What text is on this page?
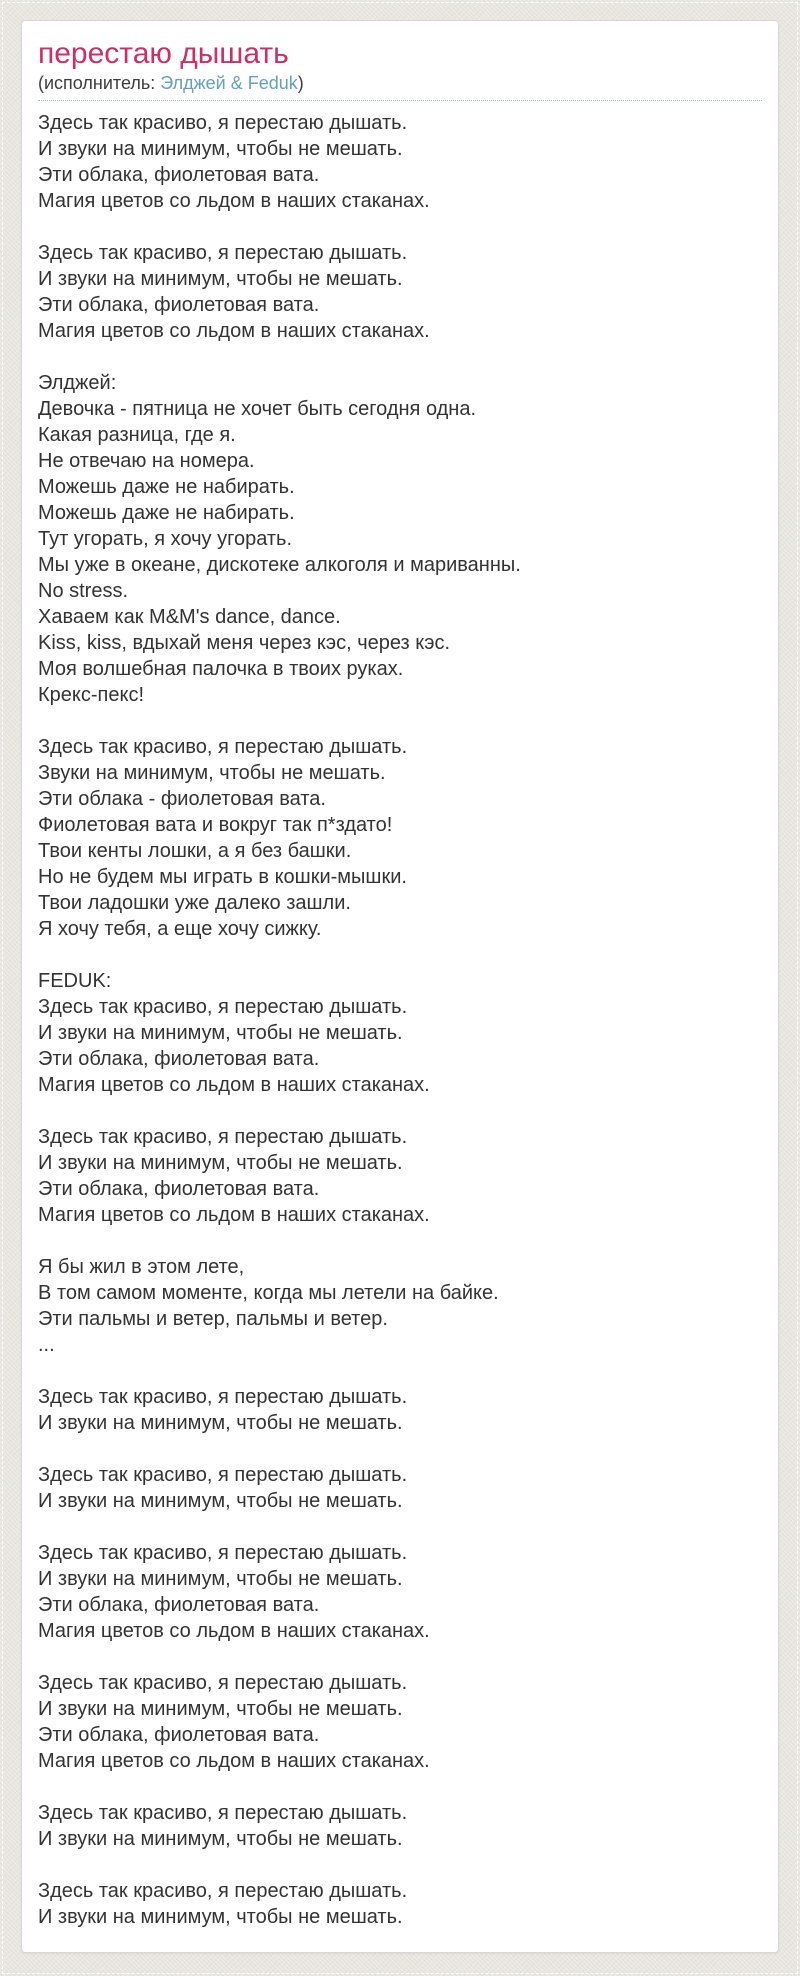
перестаю дышать
(исполнитель: Элджей & Feduk)

Здесь так красиво, я перестаю дышать.
И звуки на минимум, чтобы не мешать.
Эти облака, фиолетовая вата.
Магия цветов со льдом в наших стаканах.

Здесь так красиво, я перестаю дышать.
И звуки на минимум, чтобы не мешать.
Эти облака, фиолетовая вата.
Магия цветов со льдом в наших стаканах.

Элджей:
Девочка - пятница не хочет быть сегодня одна.
Какая разница, где я.
Не отвечаю на номера.
Можешь даже не набирать.
Можешь даже не набирать.
Тут угорать, я хочу угорать.
Мы уже в океане, дискотеке алкоголя и мариванны.
No stress.
Хаваем как M&M's dance, dance.
Kiss, kiss, вдыхай меня через кэс, через кэс.
Моя волшебная палочка в твоих руках.
Крекс-пекс!

Здесь так красиво, я перестаю дышать.
Звуки на минимум, чтобы не мешать.
Эти облака - фиолетовая вата.
Фиолетовая вата и вокруг так п*здато!
Твои кенты лошки, а я без башки.
Но не будем мы играть в кошки-мышки.
Твои ладошки уже далеко зашли.
Я хочу тебя, а еще хочу сижку.

FEDUK:
Здесь так красиво, я перестаю дышать.
И звуки на минимум, чтобы не мешать.
Эти облака, фиолетовая вата.
Магия цветов со льдом в наших стаканах.

Здесь так красиво, я перестаю дышать.
И звуки на минимум, чтобы не мешать.
Эти облака, фиолетовая вата.
Магия цветов со льдом в наших стаканах.

Я бы жил в этом лете,
В том самом моменте, когда мы летели на байке.
Эти пальмы и ветер, пальмы и ветер.
...

Здесь так красиво, я перестаю дышать.
И звуки на минимум, чтобы не мешать.

Здесь так красиво, я перестаю дышать.
И звуки на минимум, чтобы не мешать.

Здесь так красиво, я перестаю дышать.
И звуки на минимум, чтобы не мешать.
Эти облака, фиолетовая вата.
Магия цветов со льдом в наших стаканах.

Здесь так красиво, я перестаю дышать.
И звуки на минимум, чтобы не мешать.
Эти облака, фиолетовая вата.
Магия цветов со льдом в наших стаканах.

Здесь так красиво, я перестаю дышать.
И звуки на минимум, чтобы не мешать.

Здесь так красиво, я перестаю дышать.
И звуки на минимум, чтобы не мешать.
